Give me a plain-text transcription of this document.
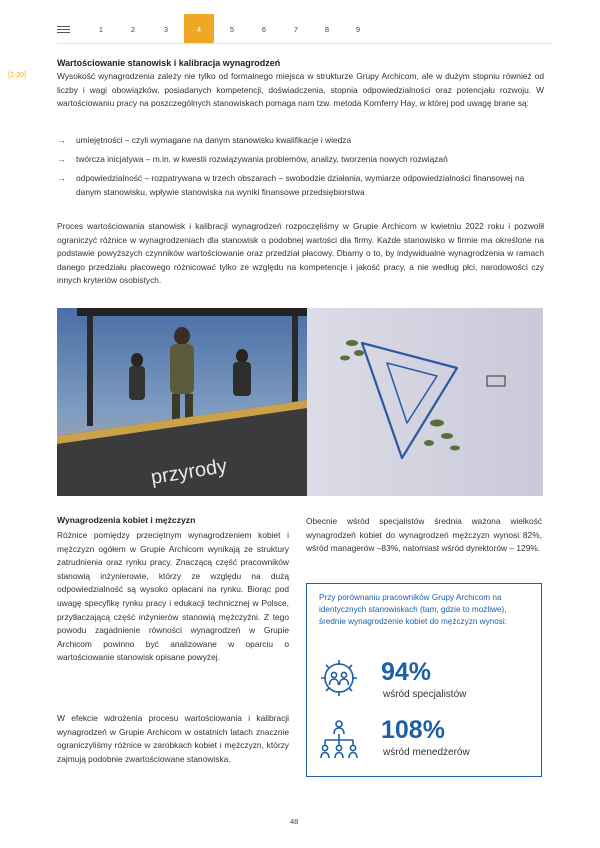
1	2	3	4	5	6	7	8	9
Wartościowanie stanowisk i kalibracja wynagrodzeń
[2-20]	Wysokość wynagrodzenia zależy nie tylko od formalnego miejsca w strukturze Grupy Archicom, ale w dużym stopniu również od liczby i wagi obowiązków, posiadanych kompetencji, doświadczenia, stopnia odpowiedzialności oraz potencjału rozwoju. W wartościowaniu pracy na poszczególnych stanowiskach pomaga nam tzw. metoda Kornferry Hay, w której pod uwagę brane są:

→ umiejętności – czyli wymagane na danym stanowisku kwalifikacje i wiedza
→ twórcza inicjatywa – m.in. w kwestii rozwiązywania problemów, analizy, tworzenia nowych rozwiązań
→ odpowiedzialność – rozpatrywana w trzech obszarach – swobodzie działania, wymiarze odpowiedzialności finansowej na danym stanowisku, wpływie stanowiska na wyniki finansowe przedsiębiorstwa

Proces wartościowania stanowisk i kalibracji wynagrodzeń rozpoczęliśmy w Grupie Archicom w kwietniu 2022 roku i pozwolił ograniczyć różnice w wynagrodzeniach dla stanowisk o podobnej wartości dla firmy. Każde stanowisko w firmie ma określone na podstawie powyższych czynników wartościowanie oraz przedział płacowy. Dbamy o to, by indywidualne wynagrodzenia w ramach danego przedziału płacowego różnicować tylko ze względu na kompetencje i jakość pracy, a nie według płci, narodowości czy innych kryteriów osobistych.

przyrody
Wynagrodzenia kobiet i mężczyzn

Różnice pomiędzy przeciętnym wynagrodzeniem kobiet i mężczyzn ogółem w Grupie Archicom wynikają ze struktury zatrudnienia oraz rynku pracy. Znaczącą część pracowników stanowią inżynierowie, którzy ze względu na dużą odpowiedzialność są wysoko opłacani na rynku. Biorąc pod uwagę specyfikę rynku pracy i edukacji technicznej w Polsce, przytłaczającą część inżynierów stanowią mężczyźni. Z tego powodu zagadnienie równości wynagrodzeń w Grupie Archicom powinno być analizowane w oparciu o wartościowanie stanowisk opisane powyżej.

W efekcie wdrożenia procesu wartościowania i kalibracji wynagrodzeń w Grupie Archicom w ostatnich latach znacznie ograniczyliśmy różnice w zarobkach kobiet i mężczyzn, którzy zajmują podobnie zwartościowane stanowiska.

Obecnie wśród specjalistów średnia ważona wielkość wynagrodzeń kobiet do wynagrodzeń mężczyzn wynosi 82%, wśród managerów –83%, natomiast wśród dyrektorów – 129%.

Przy porównaniu pracowników Grupy Archicom na identycznych stanowiskach (tam, gdzie to możliwe), średnie wynagrodzenie kobiet do mężczyzn wynosi:
94%
wśród specjalistów
108%
wśród menedżerów
48
